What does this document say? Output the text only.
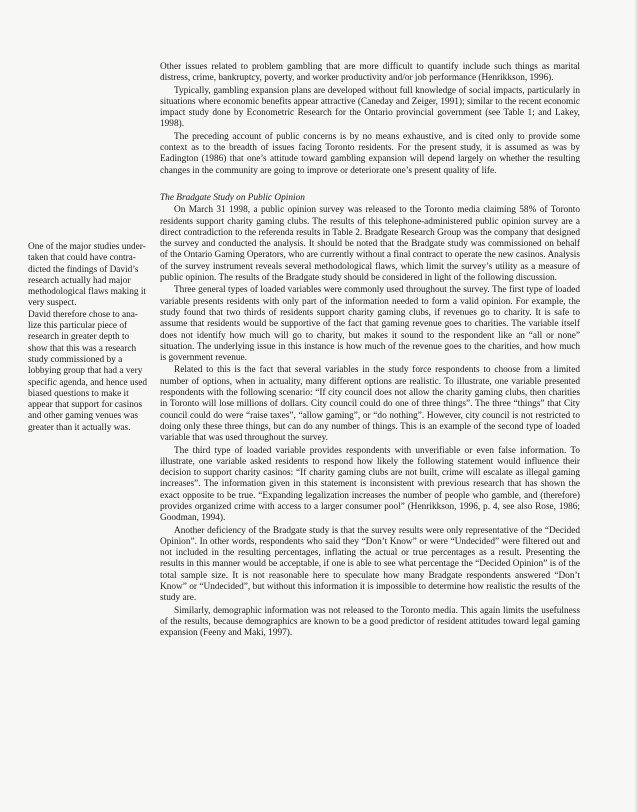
Other issues related to problem gambling that are more difficult to quantify include such things as marital distress, crime, bankruptcy, poverty, and worker productivity and/or job performance (Henrikkson, 1996).

Typically, gambling expansion plans are developed without full knowledge of social impacts, particularly in situations where economic benefits appear attractive (Caneday and Zeiger, 1991); similar to the recent economic impact study done by Econometric Research for the Ontario provincial government (see Table 1; and Lakey, 1998).

The preceding account of public concerns is by no means exhaustive, and is cited only to provide some context as to the breadth of issues facing Toronto residents. For the present study, it is assumed as was by Eadington (1986) that one’s attitude toward gambling expansion will depend largely on whether the resulting changes in the community are going to improve or deteriorate one’s present quality of life.

The Bradgate Study on Public Opinion

On March 31 1998, a public opinion survey was released to the Toronto media claiming 58% of Toronto residents support charity gaming clubs. The results of this telephone-administered public opinion survey are a direct contradiction to the referenda results in Table 2. Bradgate Research Group was the company that designed the survey and conducted the analysis. It should be noted that the Bradgate study was commissioned on behalf of the Ontario Gaming Operators, who are currently without a final contract to operate the new casinos. Analysis of the survey instrument reveals several methodological flaws, which limit the survey’s utility as a measure of public opinion. The results of the Bradgate study should be considered in light of the following discussion.

Three general types of loaded variables were commonly used throughout the survey. The first type of loaded variable presents residents with only part of the information needed to form a valid opinion. For example, the study found that two thirds of residents support charity gaming clubs, if revenues go to charity. It is safe to assume that residents would be supportive of the fact that gaming revenue goes to charities. The variable itself does not identify how much will go to charity, but makes it sound to the respondent like an “all or none” situation. The underlying issue in this instance is how much of the revenue goes to the charities, and how much is government revenue.

Related to this is the fact that several variables in the study force respondents to choose from a limited number of options, when in actuality, many different options are realistic. To illustrate, one variable presented respondents with the following scenario: “If city council does not allow the charity gaming clubs, then charities in Toronto will lose millions of dollars. City council could do one of three things”. The three “things” that City council could do were “raise taxes”, “allow gaming”, or “do nothing”. However, city council is not restricted to doing only these three things, but can do any number of things. This is an example of the second type of loaded variable that was used throughout the survey.

The third type of loaded variable provides respondents with unverifiable or even false information. To illustrate, one variable asked residents to respond how likely the following statement would influence their decision to support charity casinos: “If charity gaming clubs are not built, crime will escalate as illegal gaming increases”. The information given in this statement is inconsistent with previous research that has shown the exact opposite to be true. “Expanding legalization increases the number of people who gamble, and (therefore) provides organized crime with access to a larger consumer pool” (Henrikkson, 1996, p. 4, see also Rose, 1986; Goodman, 1994).

Another deficiency of the Bradgate study is that the survey results were only representative of the “Decided Opinion”. In other words, respondents who said they “Don’t Know” or were “Undecided” were filtered out and not included in the resulting percentages, inflating the actual or true percentages as a result. Presenting the results in this manner would be acceptable, if one is able to see what percentage the “Decided Opinion” is of the total sample size. It is not reasonable here to speculate how many Bradgate respondents answered “Don’t Know” or “Undecided”, but without this information it is impossible to determine how realistic the results of the study are.

Similarly, demographic information was not released to the Toronto media. This again limits the usefulness of the results, because demographics are known to be a good predictor of resident attitudes toward legal gaming expansion (Feeny and Maki, 1997).

One of the major studies under-

taken that could have contra-

dicted the findings of David’s

research actually had major

methodological flaws making it

very suspect.

David therefore chose to ana-

lize this particular piece of

research in greater depth to

show that this was a research

study commissioned by a

lobbying group that had a very

specific agenda, and hence used

biased questions to make it

appear that support for casinos

and other gaming venues was

greater than it actually was.
